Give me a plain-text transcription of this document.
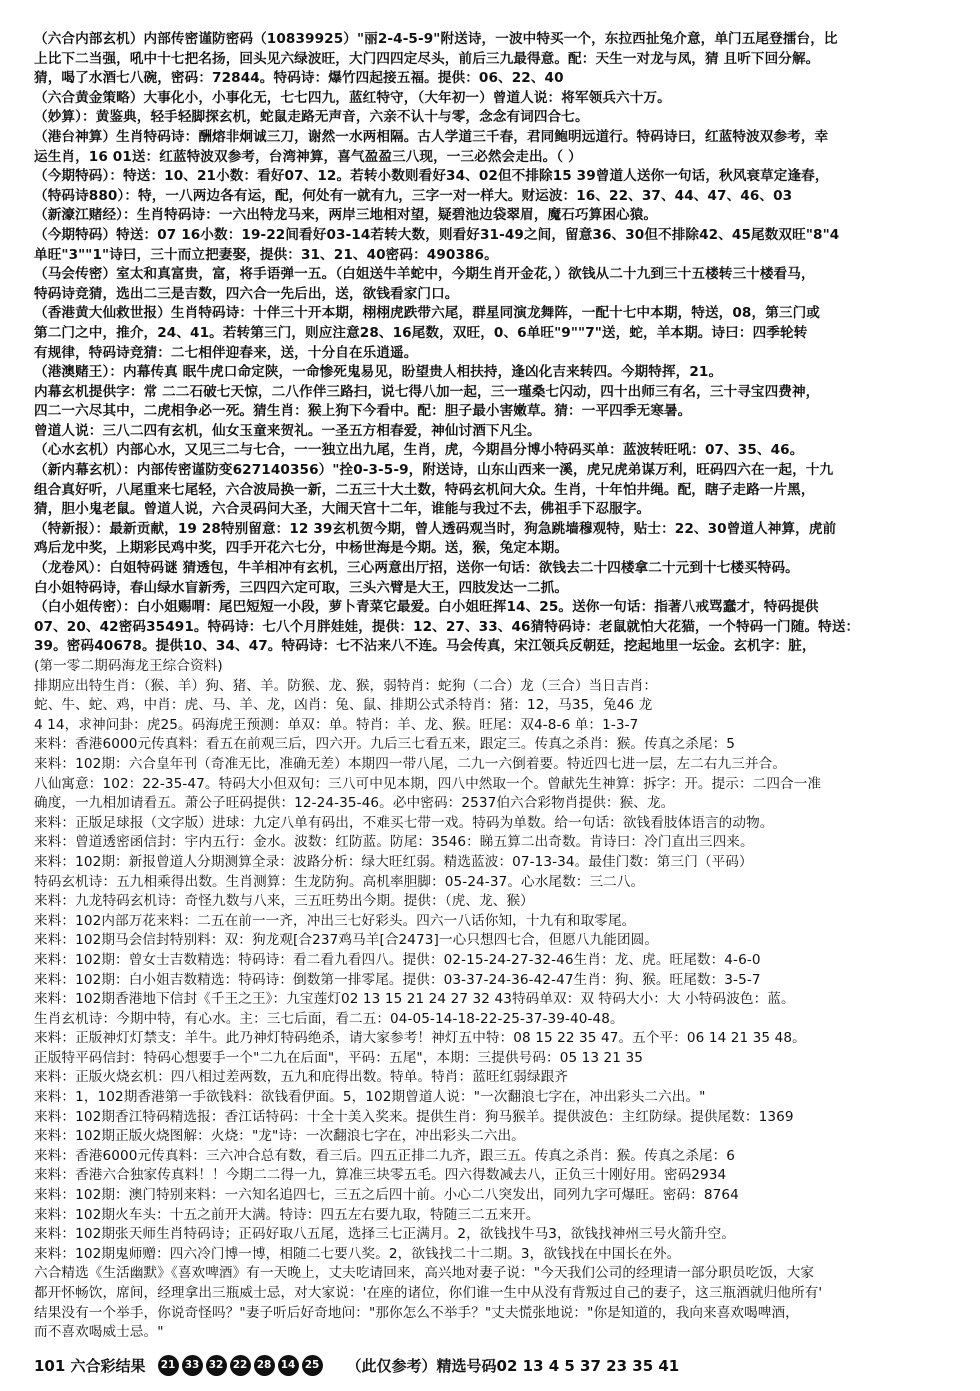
（六合内部玄机）内部传密谨防密码（10839925）"丽2-4-5-9"附送诗，一波中特买一个，东拉西扯兔介意，单门五尾登擂台，比
上比下二当强，吼中十七把名扬，回头见六绿波旺，大门四四定尽头，前后三九最得意。配：天生一对龙与凤，猜 且听下回分解。
猜，喝了水酒七八碗，密码：72844。特码诗：爆竹四起接五福。提供：06、22、40
（六合黄金策略）大事化小，小事化无，七七四九，蓝红特守，（大年初一）曾道人说：将军领兵六十万。
（妙算）：黄鉴典，轻手轻脚探玄机，蛇鼠走路无声音，六亲不认十与零，念念有词四合七。
（港台神算）生肖特码诗：酬熔非炯诚三刀，谢然一水两相隔。古人学道三千春，君同鲍明远道行。特码诗曰，红蓝特波双参考，幸
运生肖，16 01送：红蓝特波双参考，台湾神算，喜气盈盈三八现，一三必然会走出。（ ）
（今期特码）：特送：10、21小数：看好07、12。若转小数则看好34、02但不排除15 39曾道人送你一句话，秋风衰草定逢春，
（特码诗880）：特，一八两边各有运，配，何处有一就有九，三字一对一样大。财运波：16、22、37、44、47、46、03
（新濠江赌经）：生肖特码诗：一六出特龙马来，两岸三地相对望，疑碧池边袋翠眉，魔石巧算困心猿。
（今期特码）特送：07 16小数：19-22间看好03-14若转大数，则看好31-49之间，留意36、30但不排除42、45尾数双旺"8"4
单旺"3""1"诗曰，三十而立把妻娶，提供：31、21、40密码：490386。
（马会传密）室太和真富贵，富，将手语弹一五。（白姐送牛羊蛇中，今期生肖开金花，）欲钱从二十九到三十五楼转三十楼看马，
特码诗竞猜，选出二三是吉数，四六合一先后出，送，欲钱看家门口。
（香港黄大仙救世报）生肖特码诗：十伴三十开本期，栩栩虎跌带六尾，群星同演龙舞阵，一配十七中本期，特送，08，第三门或
第二门之中，推介，24、41。若转第三门，则应注意28、16尾数，双旺，0、6单旺"9""7"送，蛇，羊本期。诗曰：四季轮转
有规律，特码诗竞猜：二七相伴迎春来，送，十分自在乐逍遥。
（港澳赌王）：内幕传真 眠牛虎口命定陕，一命惨死鬼易见，盼望贵人相扶持，逢凶化吉来转四。今期特挥，21。
内幕玄机提供字：常 二二石破七天惊，二八作伴三路扫，说七得八加一起，三一瑾桑七闪动，四十出师三有名，三十寻宝四费神，
四二一六尽其中，二虎相争必一死。猜生肖：猴上狗下今看中。配：胆子最小害嫩草。猜：一平四季无寒暑。
曾道人说：三八二四有玄机，仙女玉童来贺礼。一圣五方相春爱，神仙讨酒下凡尘。
（心水玄机）内部心水，又见三二与七合，一一独立出九尾，生肖，虎，今期昌分博小特码买单：蓝波转旺吼：07、35、46。
（新内幕玄机）：内部传密谨防变627140356）"拴0-3-5-9，附送诗，山东山西来一溪，虎兄虎弟谋万利，旺码四六在一起，十九
组合真好听，八尾重来七尾轻，六合波局换一新，二五三十大土数，特码玄机问大众。生肖，十年怕井绳。配，瞎子走路一片黑，
猜，胆小鬼老鼠。曾道人说，六合灵码问大圣，大闹天宫十二年，谁能与我过不去，佛祖手下忍服字。
（特新报）：最新贡献，19 28特别留意：12 39玄机贺今期，曾人透码观当时，狗急跳墙穆观特，贴士：22、30曾道人神算，虎前
鸡后龙中奖，上期彩民鸡中奖，四手开花六七分，中杨世海是今期。送，猴，兔定本期。
（龙卷风）：白姐特码谜 猜透包，牛羊相冲有玄机，三心两意出厅招，送你一句话：欲钱去二十四楼拿二十元到十七楼买特码。
白小姐特码诗，春山绿水盲新秀，三四四六定可取，三头六臂是大王，四肢发达一二抓。
（白小姐传密）：白小姐赐喟：尾巴短短一小段，萝卜青菜它最爱。白小姐旺挥14、25。送你一句话：指著八戒骂蠢才，特码提供
07、20、42密码35491。特码诗：七八个月胖娃娃，提供：12、27、33、46猜特码诗：老鼠就怕大花猫，一个特码一门随。特送：
39。密码40678。提供10、34、47。特码诗：七不沾来八不连。马会传真，宋江领兵反朝廷，挖起地里一坛金。玄机字：脏，
(第一零二期码海龙王综合资料)
排期应出特生肖：（猴、羊）狗、猪、羊。防猴、龙、猴，弱特肖：蛇狗（二合）龙（三合）当日吉肖：
蛇、牛、蛇、鸡，中肖：虎、马、羊、龙，凶肖：兔、鼠、排期公式杀特肖：猪：12，马35，兔46 龙
4 14，求神问卦：虎25。码海虎王预测：单双：单。特肖：羊、龙、猴。旺尾：双4-8-6 单：1-3-7
来料：香港6000元传真料：看五在前观三后，四六开。九后三七看五来，跟定三。传真之杀肖：猴。传真之杀尾：5
来料：102期：六合皇年刊（奇准无比，准确无差）本期四一带八尾，二九一六倒着要。特近四七进一层，左二右九三并合。
八仙寓意：102：22-35-47。特码大小但双旬：三八可中见本期，四八中然取一个。曾献先生神算：拆字：开。提示：二四合一准
确度，一九相加请看五。萧公子旺码提供：12-24-35-46。必中密码：2537伯六合彩物肖提供：猴、龙。
来料：正版足球报（文字版）进球：九定八单有码出，不难买七带一戏。特码为单数。给一句话：欲钱看肢体语言的动物。
来料：曾道透密函信封：宇内五行：金水。波数：红防蓝。防尾：3546：睇五算二出奇数。肯诗曰：冷门直出三四来。
来料：102期：新报曾道人分期测算全录：波路分析：绿大旺红弱。精选蓝波：07-13-34。最佳门数：第三门（平码）
特码玄机诗：五九相乘得出数。生肖测算：生龙防狗。高机率胆脚：05-24-37。心水尾数：三二八。
来料：九龙特码玄机诗：奇怪九数与八来，三五旺势出今期。提供：（虎、龙、猴）
来料：102内部万花来料：二五在前一一齐，冲出三七好彩头。四六一八话你知，十九有和取零尾。
来料：102期马会信封特别料：双：狗龙观[合237鸡马羊[合2473]一心只想四七合，但愿八九能团圆。
来料：102期：曾女士吉数精选：特码诗：看二看九看四八。提供：02-15-24-27-32-46生肖：龙、虎。旺尾数：4-6-0
来料：102期：白小姐吉数精选：特码诗：倒数第一排零尾。提供：03-37-24-36-42-47生肖：狗、猴。旺尾数：3-5-7
来料：102期香港地下信封《千王之王》：九宝莲灯02 13 15 21 24 27 32 43特码单双：双 特码大小：大 小特码波色：蓝。
生肖玄机诗：今期中特，有心水。主：三七后面，看二五：04-05-14-18-22-25-37-39-40-48。
来料：正版神灯灯禁支：羊牛。此乃神灯特码绝杀，请大家参考！神灯五中特：08 15 22 35 47。五个平：06 14 21 35 48。
正版特平码信封：特码心想要手一个"二九在后面"，平码：五尾"，本期：三提供号码：05 13 21 35
来料：正版火烧玄机：四八相过差两数，五九和庇得出数。特单。特肖：蓝旺红弱绿跟齐
来料：1，102期香港第一手欲钱料：欲钱看伊面。5，102期曾道人说："一次翻浪七字在，冲出彩头二六出。"
来料：102期香江特码精选报：香江话特码：十全十美入奖来。提供生肖：狗马猴羊。提供波色：主红防绿。提供尾数：1369
来料：102期正版火烧图解：火烧："龙"诗：一次翻浪七字在，冲出彩头二六出。
来料：香港6000元传真料：三六冲合总有数，看三后。四五正排二九齐，跟三五。传真之杀肖：猴。传真之杀尾：6
来料：香港六合独家传真料！！今期二二得一九，算准三块零五毛。四六得数减去八，正负三十刚好用。密码2934
来料：102期：澳门特别来料：一六知名追四七，三五之后四十前。小心二八突发出，同列九字可爆旺。密码：8764
来料：102期火车头：十五之前开大满。特诗：四五左右要九取，特随三二五来开。
来料：102期张天师生肖特码诗；正码好取八五尾，选择三七正满月。2，欲钱找牛马3，欲钱找神州三号火箭升空。
来料：102期鬼师赠：四六冷门博一博，相随二七要八奖。2，欲钱找二十二期。3，欲钱找在中国长在外。
六合精选《生活幽默》《喜欢啤酒》有一天晚上，丈夫吃请回来，高兴地对妻子说："今天我们公司的经理请一部分职员吃饭，大家
都开怀畅饮，席间，经理拿出三瓶威士忌，对大家说：'在座的诸位，你们谁一生中从没有背叛过自己的妻子，这三瓶酒就归他所有'
结果没有一个举手，你说奇怪吗？"妻子听后好奇地问："那你怎么不举手？"丈夫慌张地说："你是知道的，我向来喜欢喝啤酒，
而不喜欢喝威士忌。"
101 六合彩结果	21 33 32 22 28 14 25 （此仅参考）精选号码02 13 4 5 37 23 35 41
